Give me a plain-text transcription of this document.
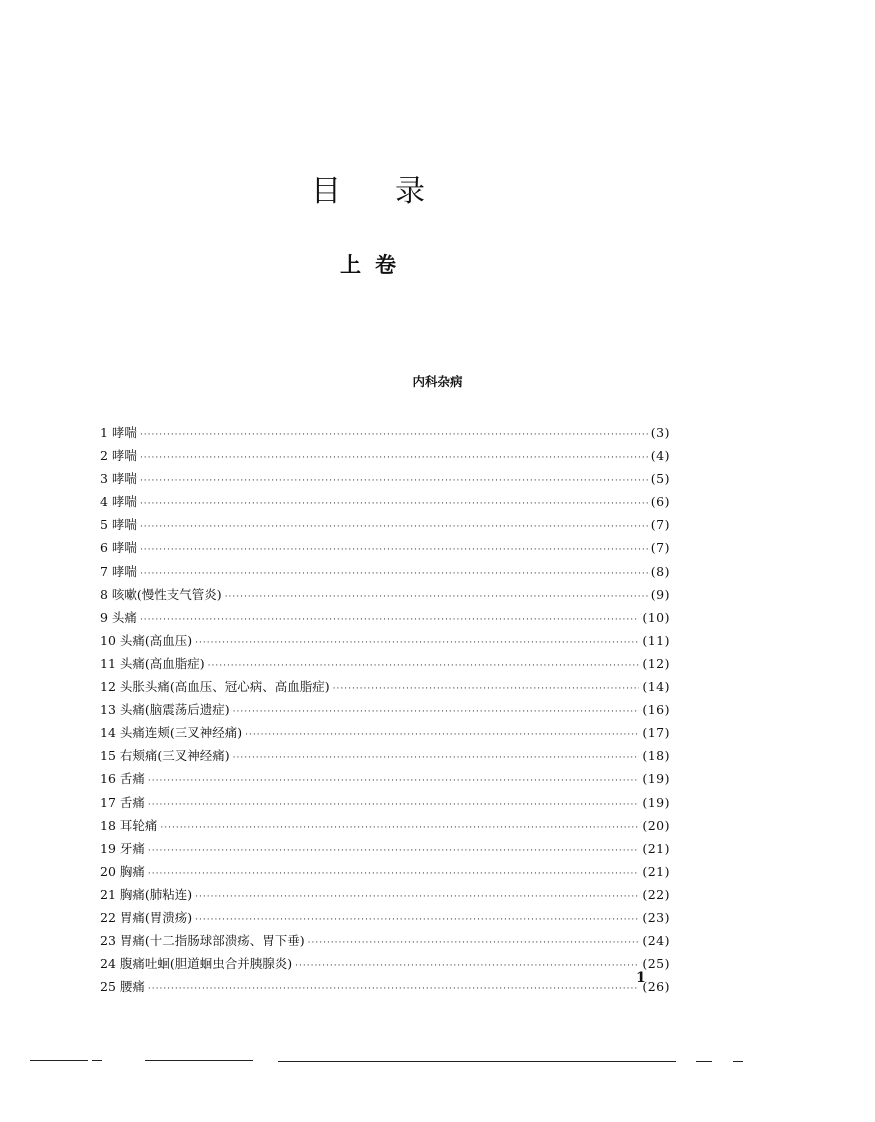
目 录
上卷
内科杂病
1 哮喘 ·····	(3)
2 哮喘 ·····	(4)
3 哮喘 ·····	(5)
4 哮喘 ·····	(6)
5 哮喘 ·····	(7)
6 哮喘 ·····	(7)
7 哮喘 ·····	(8)
8 咳嗽(慢性支气管炎) ·····	(9)
9 头痛 ·····	(10)
10 头痛(高血压) ·····	(11)
11 头痛(高血脂症) ·····	(12)
12 头胀头痛(高血压、冠心病、高血脂症) ·····	(14)
13 头痛(脑震荡后遗症) ·····	(16)
14 头痛连颊(三叉神经痛) ·····	(17)
15 右颊痛(三叉神经痛) ·····	(18)
16 舌痛 ·····	(19)
17 舌痛 ·····	(19)
18 耳轮痛 ·····	(20)
19 牙痛 ·····	(21)
20 胸痛 ·····	(21)
21 胸痛(肺粘连) ·····	(22)
22 胃痛(胃溃疡) ·····	(23)
23 胃痛(十二指肠球部溃疡、胃下垂) ·····	(24)
24 腹痛吐蛔(胆道蛔虫合并胰腺炎) ·····	(25)
25 腰痛 ·····	(26)
1
